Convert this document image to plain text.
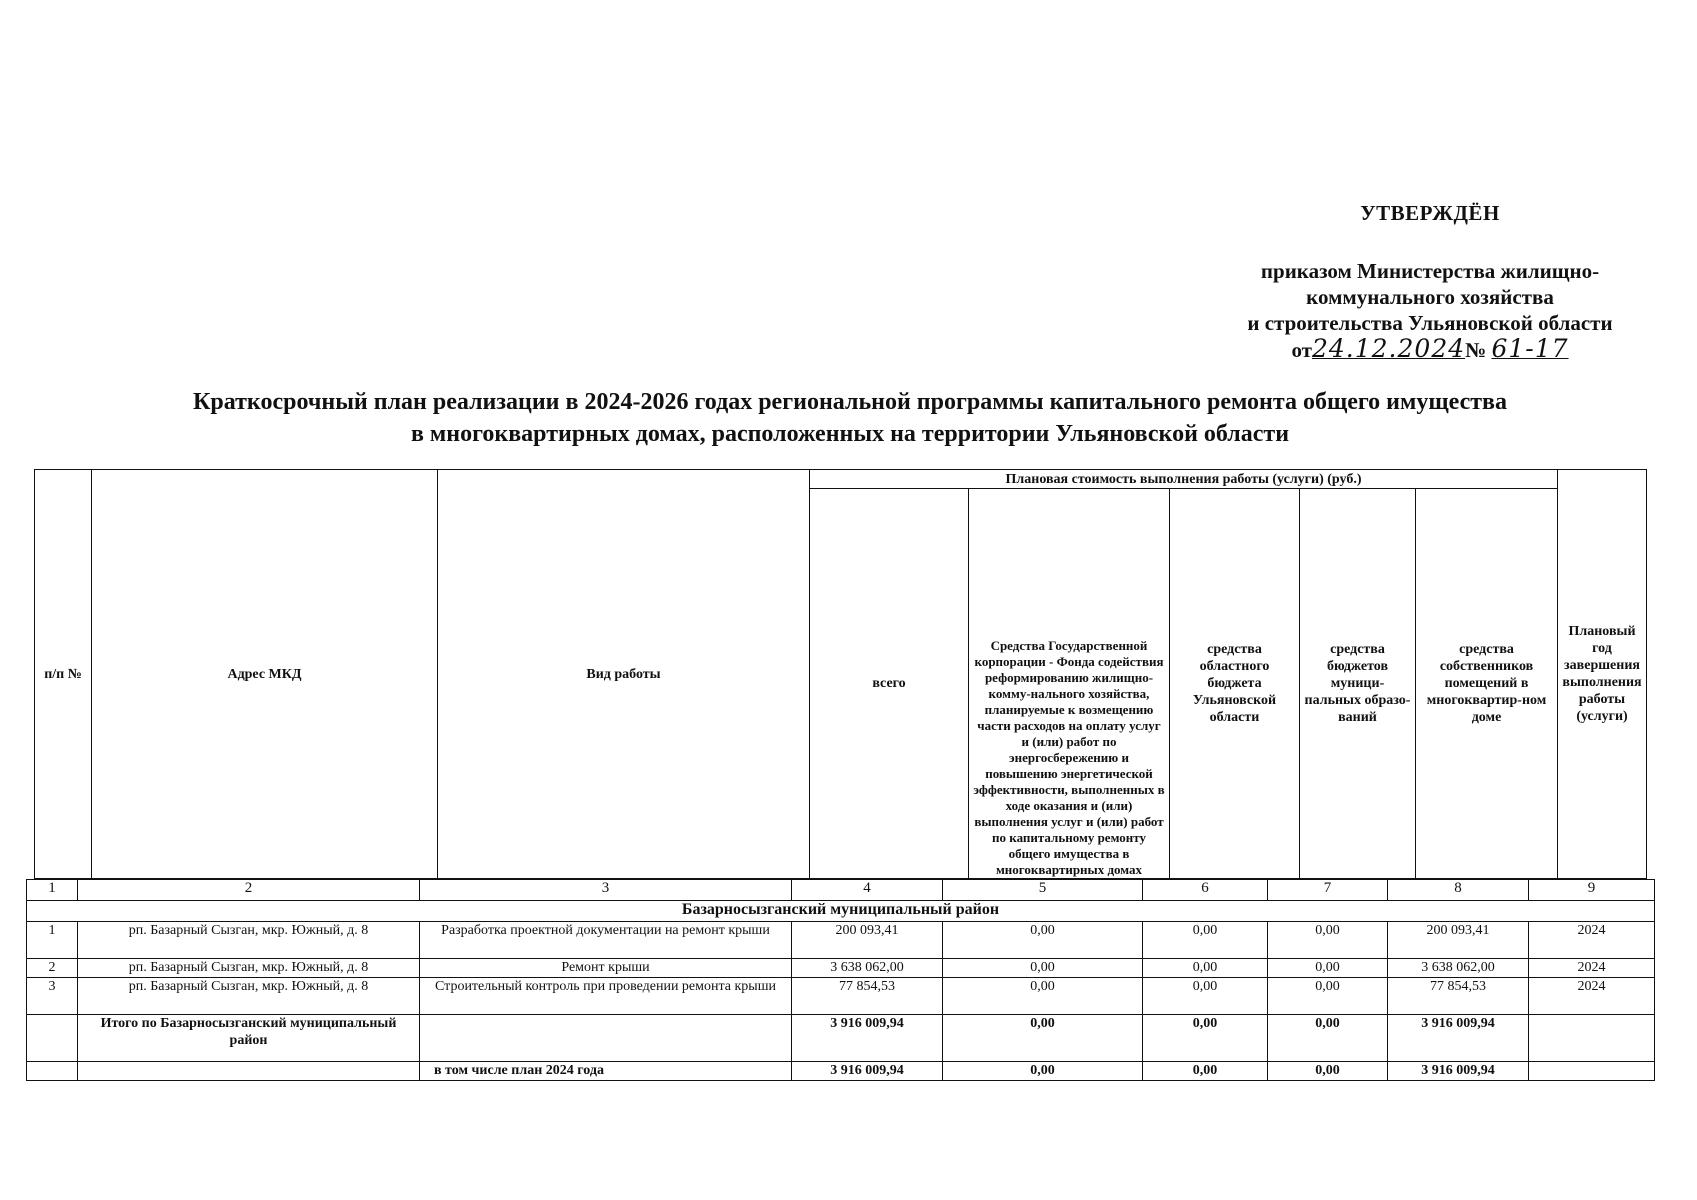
УТВЕРЖДЁН
приказом Министерства жилищно-
коммунального хозяйства
и строительства Ульяновской области
от24.12.2024№ 61-17
Краткосрочный план реализации в 2024-2026 годах региональной программы капитального ремонта общего имущества
в многоквартирных домах, расположенных на территории Ульяновской области
п/п №	Адрес МКД	Вид работы	Плановая стоимость выполнения работы (услуги) (руб.)					Плановый год завершения выполнения работы (услуги)
			всего	Средства Государственной корпорации - Фонда содействия реформированию жилищно-комму-нального хозяйства, планируемые к возмещению части расходов на оплату услуг и (или) работ по энергосбережению и повышению энергетической эффективности, выполненных в ходе оказания и (или) выполнения услуг и (или) работ по капитальному ремонту общего имущества в многоквартирных домах	средства областного бюджета Ульяновской области	средства бюджетов муници-пальных образо-ваний	средства собственников помещений в многоквартир-ном доме	
1	2	3	4	5	6	7	8	9
Базарносызганский муниципальный район								
1	рп. Базарный Сызган, мкр. Южный, д. 8	Разработка проектной документации на ремонт крыши	200 093,41	0,00	0,00	0,00	200 093,41	2024
2	рп. Базарный Сызган, мкр. Южный, д. 8	Ремонт крыши	3 638 062,00	0,00	0,00	0,00	3 638 062,00	2024
3	рп. Базарный Сызган, мкр. Южный, д. 8	Строительный контроль при проведении ремонта крыши	77 854,53	0,00	0,00	0,00	77 854,53	2024
	Итого по Базарносызганский муниципальный район		3 916 009,94	0,00	0,00	0,00	3 916 009,94	
		в том числе план 2024 года	3 916 009,94	0,00	0,00	0,00	3 916 009,94	
